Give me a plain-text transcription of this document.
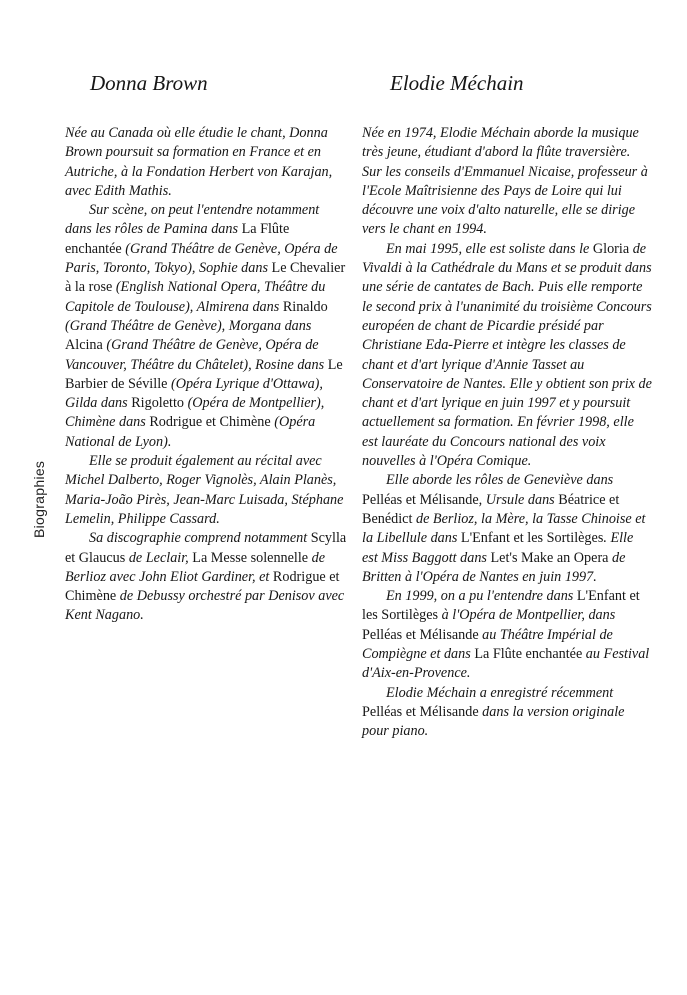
Biographies
Donna Brown

Née au Canada où elle étudie le chant, Donna Brown poursuit sa formation en France et en Autriche, à la Fondation Herbert von Karajan, avec Edith Mathis.

Sur scène, on peut l'entendre notamment dans les rôles de Pamina dans La Flûte enchantée (Grand Théâtre de Genève, Opéra de Paris, Toronto, Tokyo), Sophie dans Le Chevalier à la rose (English National Opera, Théâtre du Capitole de Toulouse), Almirena dans Rinaldo (Grand Théâtre de Genève), Morgana dans Alcina (Grand Théâtre de Genève, Opéra de Vancouver, Théâtre du Châtelet), Rosine dans Le Barbier de Séville (Opéra Lyrique d'Ottawa), Gilda dans Rigoletto (Opéra de Montpellier), Chimène dans Rodrigue et Chimène (Opéra National de Lyon).

Elle se produit également au récital avec Michel Dalberto, Roger Vignolès, Alain Planès, Maria-João Pirès, Jean-Marc Luisada, Stéphane Lemelin, Philippe Cassard.

Sa discographie comprend notamment Scylla et Glaucus de Leclair, La Messe solennelle de Berlioz avec John Eliot Gardiner, et Rodrigue et Chimène de Debussy orchestré par Denisov avec Kent Nagano.

Elodie Méchain

Née en 1974, Elodie Méchain aborde la musique très jeune, étudiant d'abord la flûte traversière. Sur les conseils d'Emmanuel Nicaise, professeur à l'Ecole Maîtrisienne des Pays de Loire qui lui découvre une voix d'alto naturelle, elle se dirige vers le chant en 1994.

En mai 1995, elle est soliste dans le Gloria de Vivaldi à la Cathédrale du Mans et se produit dans une série de cantates de Bach. Puis elle remporte le second prix à l'unanimité du troisième Concours européen de chant de Picardie présidé par Christiane Eda-Pierre et intègre les classes de chant et d'art lyrique d'Annie Tasset au Conservatoire de Nantes. Elle y obtient son prix de chant et d'art lyrique en juin 1997 et y poursuit actuellement sa formation. En février 1998, elle est lauréate du Concours national des voix nouvelles à l'Opéra Comique.

Elle aborde les rôles de Geneviève dans Pelléas et Mélisande, Ursule dans Béatrice et Benédict de Berlioz, la Mère, la Tasse Chinoise et la Libellule dans L'Enfant et les Sortilèges. Elle est Miss Baggott dans Let's Make an Opera de Britten à l'Opéra de Nantes en juin 1997.

En 1999, on a pu l'entendre dans L'Enfant et les Sortilèges à l'Opéra de Montpellier, dans Pelléas et Mélisande au Théâtre Impérial de Compiègne et dans La Flûte enchantée au Festival d'Aix-en-Provence.

Elodie Méchain a enregistré récemment Pelléas et Mélisande dans la version originale pour piano.
